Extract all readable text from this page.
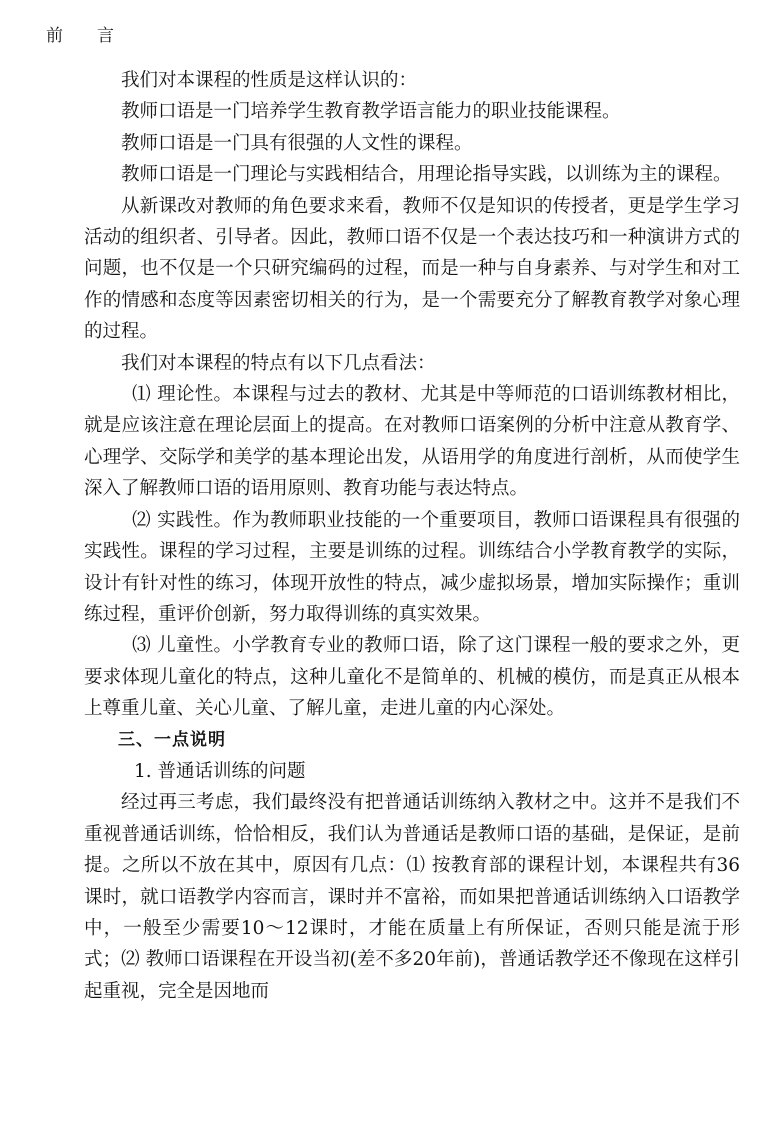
前言

我们对本课程的性质是这样认识的：

教师口语是一门培养学生教育教学语言能力的职业技能课程。

教师口语是一门具有很强的人文性的课程。

教师口语是一门理论与实践相结合，用理论指导实践，以训练为主的课程。

从新课改对教师的角色要求来看，教师不仅是知识的传授者，更是学生学习活动的组织者、引导者。因此，教师口语不仅是一个表达技巧和一种演讲方式的问题，也不仅是一个只研究编码的过程，而是一种与自身素养、与对学生和对工作的情感和态度等因素密切相关的行为，是一个需要充分了解教育教学对象心理的过程。

我们对本课程的特点有以下几点看法：

⑴ 理论性。本课程与过去的教材、尤其是中等师范的口语训练教材相比，就是应该注意在理论层面上的提高。在对教师口语案例的分析中注意从教育学、心理学、交际学和美学的基本理论出发，从语用学的角度进行剖析，从而使学生深入了解教师口语的语用原则、教育功能与表达特点。

⑵ 实践性。作为教师职业技能的一个重要项目，教师口语课程具有很强的实践性。课程的学习过程，主要是训练的过程。训练结合小学教育教学的实际，设计有针对性的练习，体现开放性的特点，减少虚拟场景，增加实际操作；重训练过程，重评价创新，努力取得训练的真实效果。

⑶ 儿童性。小学教育专业的教师口语，除了这门课程一般的要求之外，更要求体现儿童化的特点，这种儿童化不是简单的、机械的模仿，而是真正从根本上尊重儿童、关心儿童、了解儿童，走进儿童的内心深处。

三、一点说明
1. 普通话训练的问题

经过再三考虑，我们最终没有把普通话训练纳入教材之中。这并不是我们不重视普通话训练，恰恰相反，我们认为普通话是教师口语的基础，是保证，是前提。之所以不放在其中，原因有几点：⑴ 按教育部的课程计划，本课程共有36课时，就口语教学内容而言，课时并不富裕，而如果把普通话训练纳入口语教学中，一般至少需要10～12课时，才能在质量上有所保证，否则只能是流于形式；⑵ 教师口语课程在开设当初(差不多20年前)，普通话教学还不像现在这样引起重视，完全是因地而
